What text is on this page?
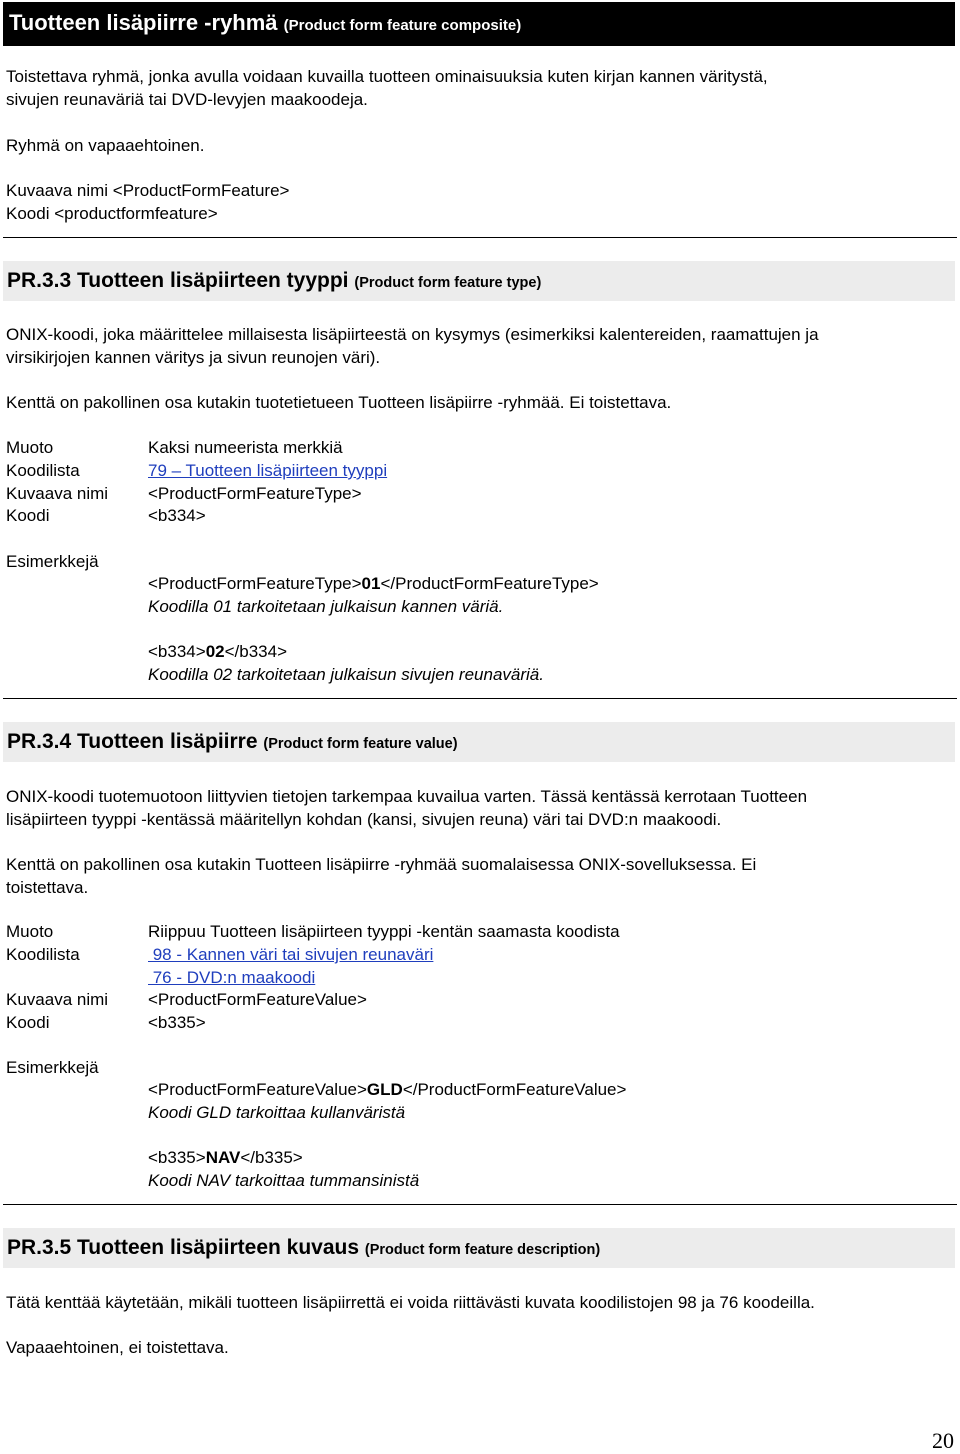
Tuotteen lisäpiirre -ryhmä (Product form feature composite)
Toistettava ryhmä, jonka avulla voidaan kuvailla tuotteen ominaisuuksia kuten kirjan kannen väritystä,
sivujen reunaväriä tai DVD-levyjen maakoodeja.
Ryhmä on vapaaehtoinen.
Kuvaava nimi <ProductFormFeature>
Koodi <productformfeature>
PR.3.3 Tuotteen lisäpiirteen tyyppi (Product form feature type)
ONIX-koodi, joka määrittelee millaisesta lisäpiirteestä on kysymys (esimerkiksi kalentereiden, raamattujen ja
virsikirjojen kannen väritys ja sivun reunojen väri).
Kenttä on pakollinen osa kutakin tuotetietueen Tuotteen lisäpiirre -ryhmää. Ei toistettava.
Muoto	Kaksi numeerista merkkiä
Koodilista	79 – Tuotteen lisäpiirteen tyyppi
Kuvaava nimi <ProductFormFeatureType>
Koodi	<b334>
Esimerkkejä
<ProductFormFeatureType>01</ProductFormFeatureType>
Koodilla 01 tarkoitetaan julkaisun kannen väriä.
<b334>02</b334>
Koodilla 02 tarkoitetaan julkaisun sivujen reunaväriä.
PR.3.4 Tuotteen lisäpiirre (Product form feature value)
ONIX-koodi tuotemuotoon liittyvien tietojen tarkempaa kuvailua varten. Tässä kentässä kerrotaan Tuotteen
lisäpiirteen tyyppi -kentässä määritellyn kohdan (kansi, sivujen reuna) väri tai DVD:n maakoodi.
Kenttä on pakollinen osa kutakin Tuotteen lisäpiirre -ryhmää suomalaisessa ONIX-sovelluksessa. Ei
toistettava.
Muoto	Riippuu Tuotteen lisäpiirteen tyyppi -kentän saamasta koodista
Koodilista	98 - Kannen väri tai sivujen reunaväri
76 - DVD:n maakoodi
Kuvaava nimi <ProductFormFeatureValue>
Koodi	<b335>
Esimerkkejä
<ProductFormFeatureValue>GLD</ProductFormFeatureValue>
Koodi GLD tarkoittaa kullanväristä
<b335>NAV</b335>
Koodi NAV tarkoittaa tummansinistä
PR.3.5 Tuotteen lisäpiirteen kuvaus (Product form feature description)
Tätä kenttää käytetään, mikäli tuotteen lisäpiirrettä ei voida riittävästi kuvata koodilistojen 98 ja 76 koodeilla.
Vapaaehtoinen, ei toistettava.
20
